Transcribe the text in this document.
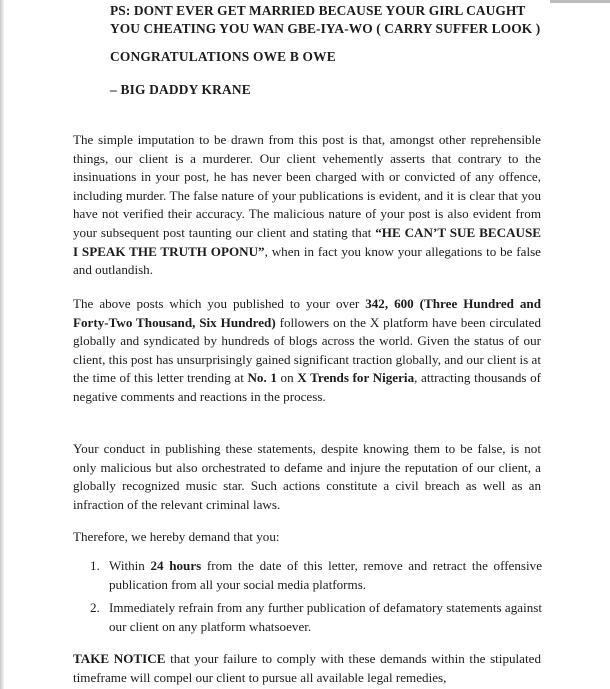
PS: DONT EVER GET MARRIED BECAUSE YOUR GIRL CAUGHT
YOU CHEATING YOU WAN GBE-IYA-WO ( CARRY SUFFER LOOK )
CONGRATULATIONS OWE B OWE
– BIG DADDY KRANE

The simple imputation to be drawn from this post is that, amongst other reprehensible things, our client is a murderer. Our client vehemently asserts that contrary to the insinuations in your post, he has never been charged with or convicted of any offence, including murder. The false nature of your publications is evident, and it is clear that you have not verified their accuracy. The malicious nature of your post is also evident from your subsequent post taunting our client and stating that “HE CAN’T SUE BECAUSE I SPEAK THE TRUTH OPONU”, when in fact you know your allegations to be false and outlandish.

The above posts which you published to your over 342, 600 (Three Hundred and Forty-Two Thousand, Six Hundred) followers on the X platform have been circulated globally and syndicated by hundreds of blogs across the world. Given the status of our client, this post has unsurprisingly gained significant traction globally, and our client is at the time of this letter trending at No. 1 on X Trends for Nigeria, attracting thousands of negative comments and reactions in the process.

Your conduct in publishing these statements, despite knowing them to be false, is not only malicious but also orchestrated to defame and injure the reputation of our client, a globally recognized music star. Such actions constitute a civil breach as well as an infraction of the relevant criminal laws.

Therefore, we hereby demand that you:

1. Within 24 hours from the date of this letter, remove and retract the offensive publication from all your social media platforms.
2. Immediately refrain from any further publication of defamatory statements against our client on any platform whatsoever.

TAKE NOTICE that your failure to comply with these demands within the stipulated timeframe will compel our client to pursue all available legal remedies,
